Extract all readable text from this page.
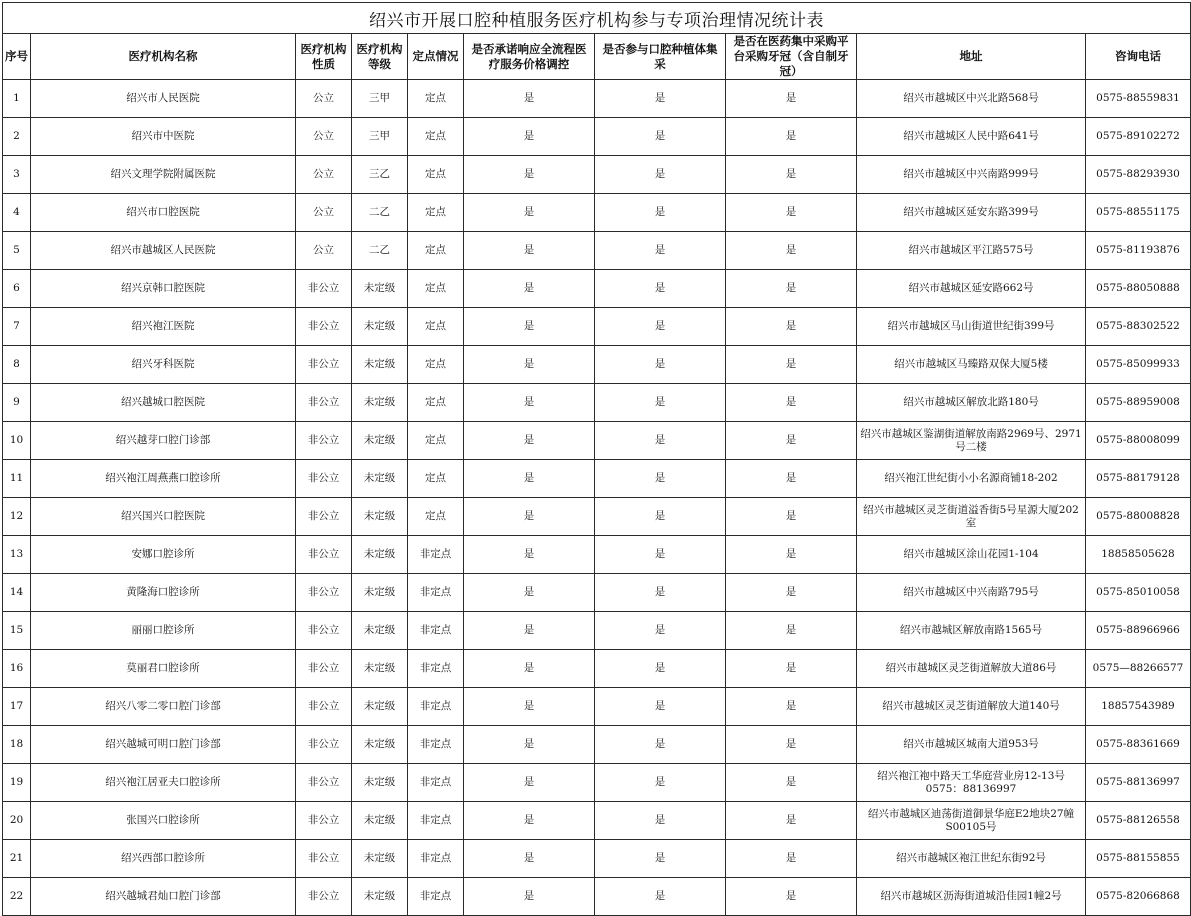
绍兴市开展口腔种植服务医疗机构参与专项治理情况统计表									
序号	医疗机构名称	医疗机构性质	医疗机构等级	定点情况	是否承诺响应全流程医疗服务价格调控	是否参与口腔种植体集采	是否在医药集中采购平台采购牙冠（含自制牙冠）	地址	咨询电话
1	绍兴市人民医院	公立	三甲	定点	是	是	是	绍兴市越城区中兴北路568号	0575-88559831
2	绍兴市中医院	公立	三甲	定点	是	是	是	绍兴市越城区人民中路641号	0575-89102272
3	绍兴文理学院附属医院	公立	三乙	定点	是	是	是	绍兴市越城区中兴南路999号	0575-88293930
4	绍兴市口腔医院	公立	二乙	定点	是	是	是	绍兴市越城区延安东路399号	0575-88551175
5	绍兴市越城区人民医院	公立	二乙	定点	是	是	是	绍兴市越城区平江路575号	0575-81193876
6	绍兴京韩口腔医院	非公立	未定级	定点	是	是	是	绍兴市越城区延安路662号	0575-88050888
7	绍兴袍江医院	非公立	未定级	定点	是	是	是	绍兴市越城区马山街道世纪街399号	0575-88302522
8	绍兴牙科医院	非公立	未定级	定点	是	是	是	绍兴市越城区马臻路双保大厦5楼	0575-85099933
9	绍兴越城口腔医院	非公立	未定级	定点	是	是	是	绍兴市越城区解放北路180号	0575-88959008
10	绍兴越芽口腔门诊部	非公立	未定级	定点	是	是	是	绍兴市越城区鉴湖街道解放南路2969号、2971号二楼	0575-88008099
11	绍兴袍江周燕燕口腔诊所	非公立	未定级	定点	是	是	是	绍兴袍江世纪街小小名源商铺18-202	0575-88179128
12	绍兴国兴口腔医院	非公立	未定级	定点	是	是	是	绍兴市越城区灵芝街道溢香街5号星源大厦202室	0575-88008828
13	安娜口腔诊所	非公立	未定级	非定点	是	是	是	绍兴市越城区涂山花园1-104	18858505628
14	黄隆海口腔诊所	非公立	未定级	非定点	是	是	是	绍兴市越城区中兴南路795号	0575-85010058
15	丽丽口腔诊所	非公立	未定级	非定点	是	是	是	绍兴市越城区解放南路1565号	0575-88966966
16	莫丽君口腔诊所	非公立	未定级	非定点	是	是	是	绍兴市越城区灵芝街道解放大道86号	0575—88266577
17	绍兴八零二零口腔门诊部	非公立	未定级	非定点	是	是	是	绍兴市越城区灵芝街道解放大道140号	18857543989
18	绍兴越城可明口腔门诊部	非公立	未定级	非定点	是	是	是	绍兴市越城区城南大道953号	0575-88361669
19	绍兴袍江居亚夫口腔诊所	非公立	未定级	非定点	是	是	是	绍兴袍江袍中路天工华庭营业房12-13号0575：88136997	0575-88136997
20	张国兴口腔诊所	非公立	未定级	非定点	是	是	是	绍兴市越城区迪荡街道御景华庭E2地块27幢S00105号	0575-88126558
21	绍兴西部口腔诊所	非公立	未定级	非定点	是	是	是	绍兴市越城区袍江世纪东街92号	0575-88155855
22	绍兴越城君灿口腔门诊部	非公立	未定级	非定点	是	是	是	绍兴市越城区沥海街道城沿佳园1幢2号	0575-82066868
